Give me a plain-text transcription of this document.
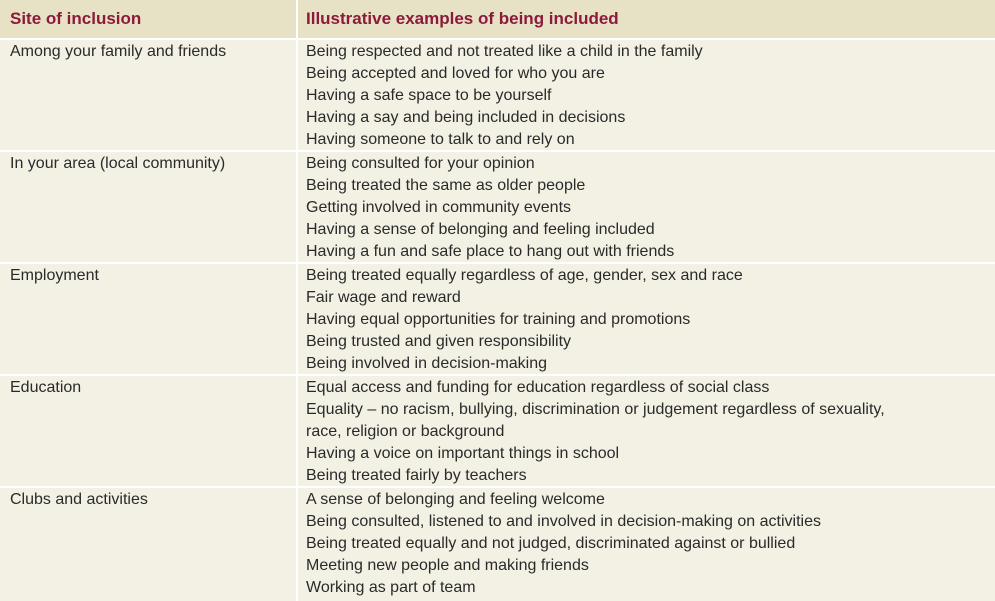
Site of inclusion	Illustrative examples of being included
Among your family and friends	Being respected and not treated like a child in the family
Being accepted and loved for who you are
Having a safe space to be yourself
Having a say and being included in decisions
Having someone to talk to and rely on
In your area (local community)	Being consulted for your opinion
Being treated the same as older people
Getting involved in community events
Having a sense of belonging and feeling included
Having a fun and safe place to hang out with friends
Employment	Being treated equally regardless of age, gender, sex and race
Fair wage and reward
Having equal opportunities for training and promotions
Being trusted and given responsibility
Being involved in decision-making
Education	Equal access and funding for education regardless of social class
Equality – no racism, bullying, discrimination or judgement regardless of sexuality,
race, religion or background
Having a voice on important things in school
Being treated fairly by teachers
Clubs and activities	A sense of belonging and feeling welcome
Being consulted, listened to and involved in decision-making on activities
Being treated equally and not judged, discriminated against or bullied
Meeting new people and making friends
Working as part of team
